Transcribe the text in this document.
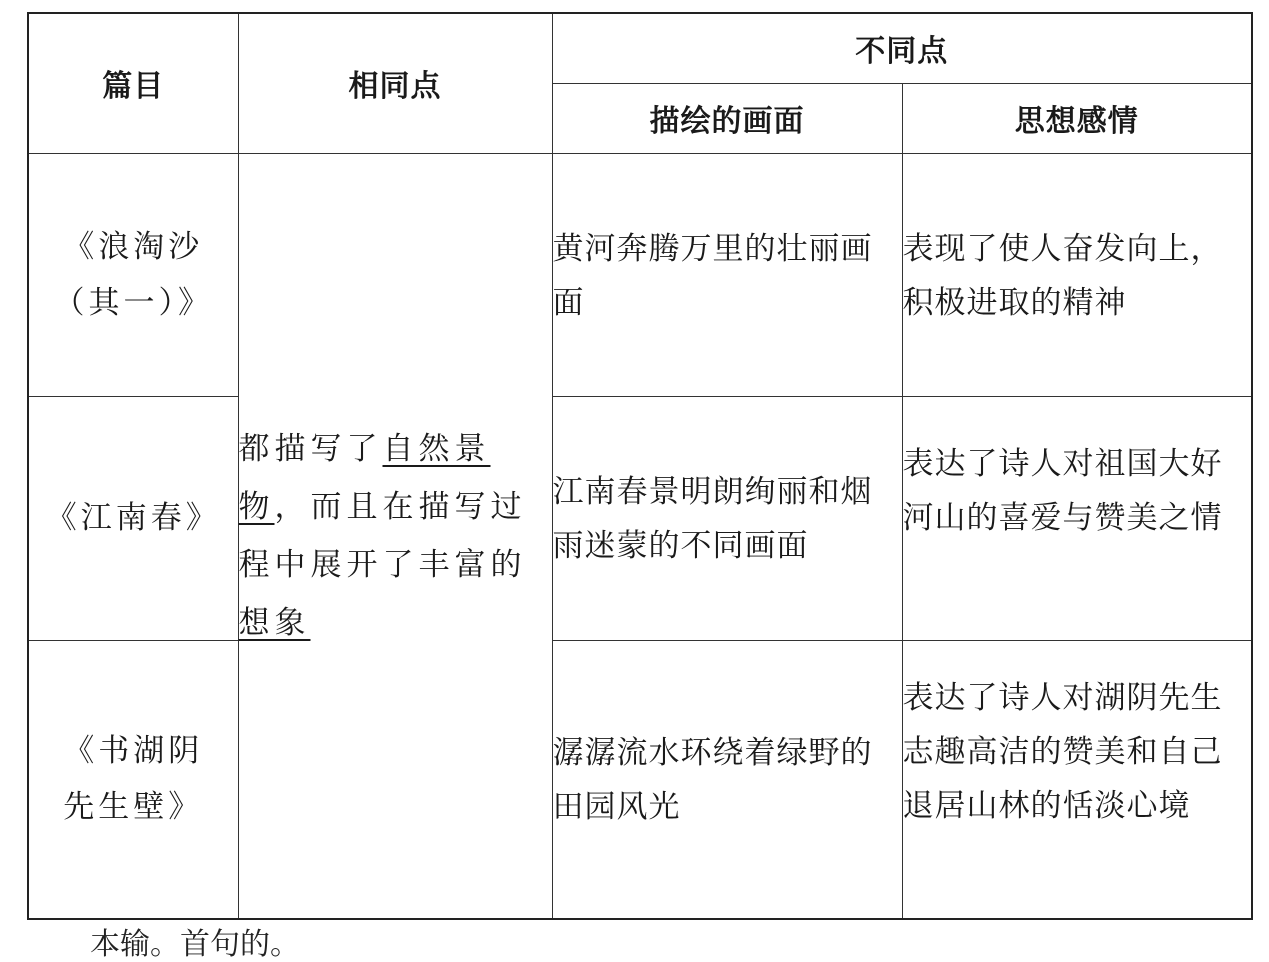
篇目	相同点	不同点	
		描绘的画面	思想感情

《浪淘沙
（其一）》	都描写了自然景物，而且在描写过程中展开了丰富的想象	黄河奔腾万里的壮丽画面	表现了使人奋发向上，积极进取的精神

《江南春》		江南春景明朗绚丽和烟雨迷蒙的不同画面	表达了诗人对祖国大好河山的喜爱与赞美之情

《书湖阴
先生壁》		潺潺流水环绕着绿野的田园风光	表达了诗人对湖阴先生志趣高洁的赞美和自己退居山林的恬淡心境
本输。首句的。
